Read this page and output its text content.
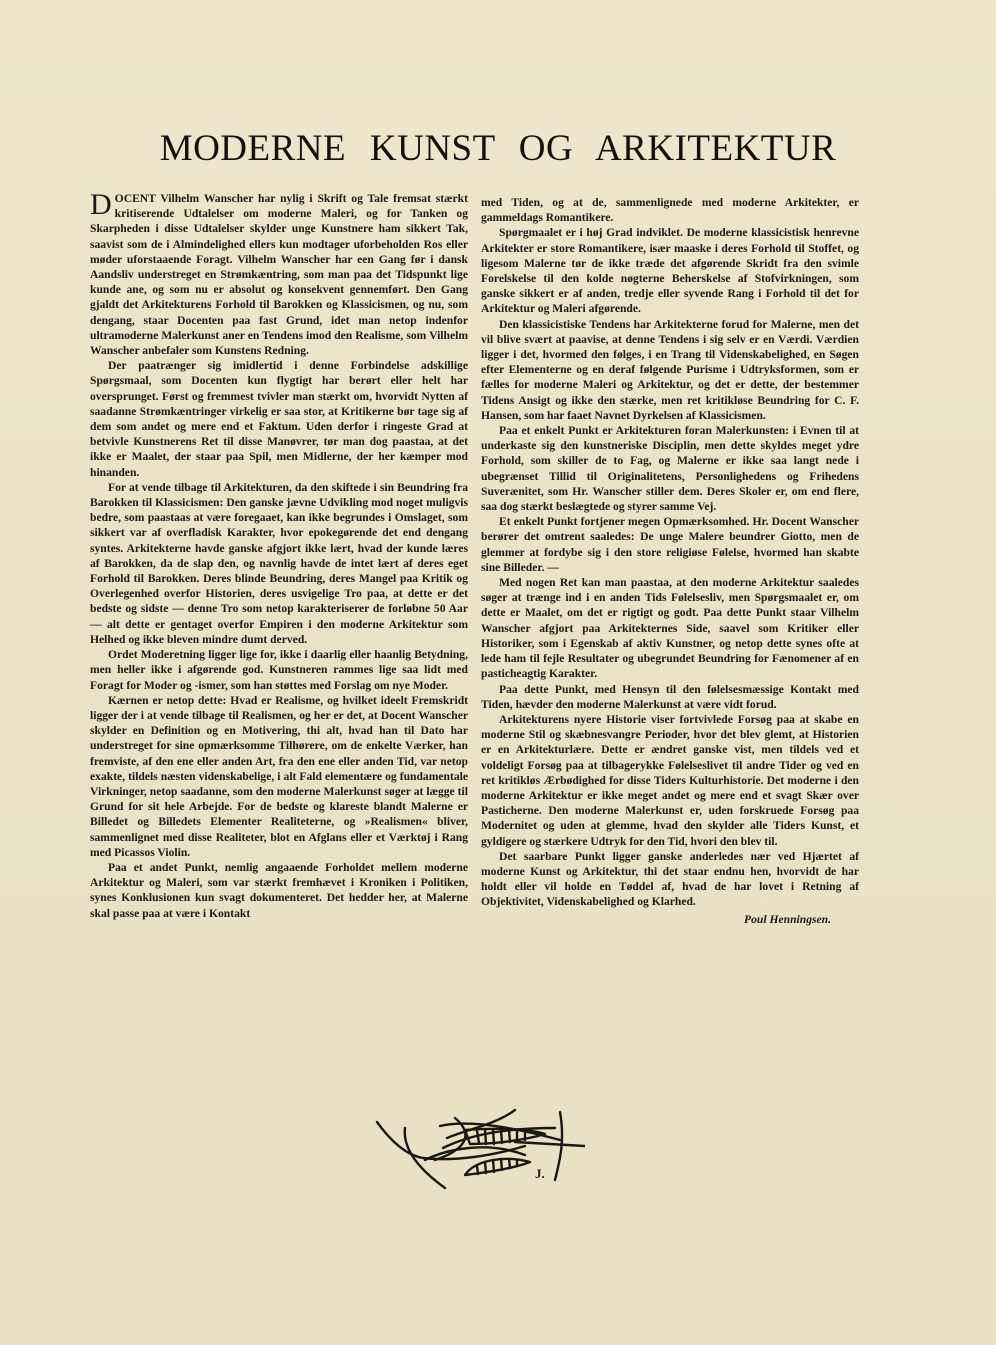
MODERNE KUNST OG ARKITEKTUR

DOCENT Vilhelm Wanscher har nylig i Skrift og Tale fremsat stærkt kritiserende Udtalelser om moderne Maleri, og for Tanken og Skarpheden i disse Udtalelser skylder unge Kunstnere ham sikkert Tak, saavist som de i Almindelighed ellers kun modtager uforbeholden Ros eller møder uforstaaende Foragt. Vilhelm Wanscher har een Gang før i dansk Aandsliv understreget en Strømkæntring, som man paa det Tidspunkt lige kunde ane, og som nu er absolut og konsekvent gennemført. Den Gang gjaldt det Arkitekturens Forhold til Barokken og Klassicismen, og nu, som dengang, staar Docenten paa fast Grund, idet man netop indenfor ultramoderne Malerkunst aner en Tendens imod den Realisme, som Vilhelm Wanscher anbefaler som Kunstens Redning.

Der paatrænger sig imidlertid i denne Forbindelse adskillige Spørgsmaal, som Docenten kun flygtigt har berørt eller helt har oversprunget. Først og fremmest tvivler man stærkt om, hvorvidt Nytten af saadanne Strømkæntringer virkelig er saa stor, at Kritikerne bør tage sig af dem som andet og mere end et Faktum. Uden derfor i ringeste Grad at betvivle Kunstnerens Ret til disse Manøvrer, tør man dog paastaa, at det ikke er Maalet, der staar paa Spil, men Midlerne, der her kæmper mod hinanden.

For at vende tilbage til Arkitekturen, da den skiftede i sin Beundring fra Barokken til Klassicismen: Den ganske jævne Udvikling mod noget muligvis bedre, som paastaas at være foregaaet, kan ikke begrundes i Omslaget, som sikkert var af overfladisk Karakter, hvor epokegørende det end dengang syntes. Arkitekterne havde ganske afgjort ikke lært, hvad der kunde læres af Barokken, da de slap den, og navnlig havde de intet lært af deres eget Forhold til Barokken. Deres blinde Beundring, deres Mangel paa Kritik og Overlegenhed overfor Historien, deres usvigelige Tro paa, at dette er det bedste og sidste — denne Tro som netop karakteriserer de forløbne 50 Aar — alt dette er gentaget overfor Empiren i den moderne Arkitektur som Helhed og ikke bleven mindre dumt derved.

Ordet Moderetning ligger lige for, ikke i daarlig eller haanlig Betydning, men heller ikke i afgørende god. Kunstneren rammes lige saa lidt med Foragt for Moder og -ismer, som han støttes med Forslag om nye Moder.

Kærnen er netop dette: Hvad er Realisme, og hvilket ideelt Fremskridt ligger der i at vende tilbage til Realismen, og her er det, at Docent Wanscher skylder en Definition og en Motivering, thi alt, hvad han til Dato har understreget for sine opmærksomme Tilhørere, om de enkelte Værker, han fremviste, af den ene eller anden Art, fra den ene eller anden Tid, var netop exakte, tildels næsten videnskabelige, i alt Fald elementære og fundamentale Virkninger, netop saadanne, som den moderne Malerkunst søger at lægge til Grund for sit hele Arbejde. For de bedste og klareste blandt Malerne er Billedet og Billedets Elementer Realiteterne, og »Realismen« bliver, sammenlignet med disse Realiteter, blot en Afglans eller et Værktøj i Rang med Picassos Violin.

Paa et andet Punkt, nemlig angaaende Forholdet mellem moderne Arkitektur og Maleri, som var stærkt fremhævet i Kroniken i Politiken, synes Konklusionen kun svagt dokumenteret. Det hedder her, at Malerne skal passe paa at være i Kontakt

med Tiden, og at de, sammenlignede med moderne Arkitekter, er gammeldags Romantikere.

Spørgmaalet er i høj Grad indviklet. De moderne klassicistisk henrevne Arkitekter er store Romantikere, især maaske i deres Forhold til Stoffet, og ligesom Malerne tør de ikke træde det afgørende Skridt fra den svimle Forelskelse til den kolde nøgterne Beherskelse af Stofvirkningen, som ganske sikkert er af anden, tredje eller syvende Rang i Forhold til det for Arkitektur og Maleri afgørende.

Den klassicistiske Tendens har Arkitekterne forud for Malerne, men det vil blive svært at paavise, at denne Tendens i sig selv er en Værdi. Værdien ligger i det, hvormed den følges, i en Trang til Videnskabelighed, en Søgen efter Elementerne og en deraf følgende Purisme i Udtryksformen, som er fælles for moderne Maleri og Arkitektur, og det er dette, der bestemmer Tidens Ansigt og ikke den stærke, men ret kritikløse Beundring for C. F. Hansen, som har faaet Navnet Dyrkelsen af Klassicismen.

Paa et enkelt Punkt er Arkitekturen foran Malerkunsten: i Evnen til at underkaste sig den kunstneriske Disciplin, men dette skyldes meget ydre Forhold, som skiller de to Fag, og Malerne er ikke saa langt nede i ubegrænset Tillid til Originalitetens, Personlighedens og Frihedens Suverænitet, som Hr. Wanscher stiller dem. Deres Skoler er, om end flere, saa dog stærkt beslægtede og styrer samme Vej.

Et enkelt Punkt fortjener megen Opmærksomhed. Hr. Docent Wanscher berører det omtrent saaledes: De unge Malere beundrer Giotto, men de glemmer at fordybe sig i den store religiøse Følelse, hvormed han skabte sine Billeder. —

Med nogen Ret kan man paastaa, at den moderne Arkitektur saaledes søger at trænge ind i en anden Tids Følelsesliv, men Spørgsmaalet er, om dette er Maalet, om det er rigtigt og godt. Paa dette Punkt staar Vilhelm Wanscher afgjort paa Arkitekternes Side, saavel som Kritiker eller Historiker, som i Egenskab af aktiv Kunstner, og netop dette synes ofte at lede ham til fejle Resultater og ubegrundet Beundring for Fænomener af en pasticheagtig Karakter.

Paa dette Punkt, med Hensyn til den følelsesmæssige Kontakt med Tiden, hævder den moderne Malerkunst at være vidt forud.

Arkitekturens nyere Historie viser fortvivlede Forsøg paa at skabe en moderne Stil og skæbnesvangre Perioder, hvor det blev glemt, at Historien er en Arkitekturlære. Dette er ændret ganske vist, men tildels ved et voldeligt Forsøg paa at tilbagerykke Følelseslivet til andre Tider og ved en ret kritikløs Ærbødighed for disse Tiders Kulturhistorie. Det moderne i den moderne Arkitektur er ikke meget andet og mere end et svagt Skær over Pasticherne. Den moderne Malerkunst er, uden forskruede Forsøg paa Modernitet og uden at glemme, hvad den skylder alle Tiders Kunst, et gyldigere og stærkere Udtryk for den Tid, hvori den blev til.

Det saarbare Punkt ligger ganske anderledes nær ved Hjærtet af moderne Kunst og Arkitektur, thi det staar endnu hen, hvorvidt de har holdt eller vil holde en Tøddel af, hvad de har lovet i Retning af Objektivitet, Videnskabelighed og Klarhed.

Poul Henningsen.

J.
